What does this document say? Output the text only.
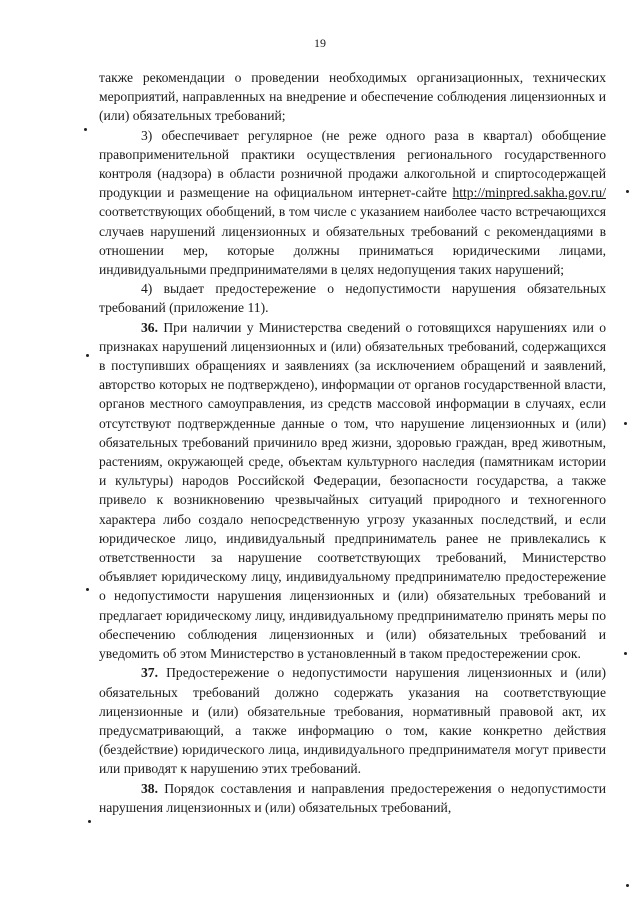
19

также рекомендации о проведении необходимых организационных, технических мероприятий, направленных на внедрение и обеспечение соблюдения лицензионных и (или) обязательных требований;

3) обеспечивает регулярное (не реже одного раза в квартал) обобщение правоприменительной практики осуществления регионального государственного контроля (надзора) в области розничной продажи алкогольной и спиртосодержащей продукции и размещение на официальном интернет-сайте http://minpred.sakha.gov.ru/ соответствующих обобщений, в том числе с указанием наиболее часто встречающихся случаев нарушений лицензионных и обязательных требований с рекомендациями в отношении мер, которые должны приниматься юридическими лицами, индивидуальными предпринимателями в целях недопущения таких нарушений;

4) выдает предостережение о недопустимости нарушения обязательных требований (приложение 11).

36. При наличии у Министерства сведений о готовящихся нарушениях или о признаках нарушений лицензионных и (или) обязательных требований, содержащихся в поступивших обращениях и заявлениях (за исключением обращений и заявлений, авторство которых не подтверждено), информации от органов государственной власти, органов местного самоуправления, из средств массовой информации в случаях, если отсутствуют подтвержденные данные о том, что нарушение лицензионных и (или) обязательных требований причинило вред жизни, здоровью граждан, вред животным, растениям, окружающей среде, объектам культурного наследия (памятникам истории и культуры) народов Российской Федерации, безопасности государства, а также привело к возникновению чрезвычайных ситуаций природного и техногенного характера либо создало непосредственную угрозу указанных последствий, и если юридическое лицо, индивидуальный предприниматель ранее не привлекались к ответственности за нарушение соответствующих требований, Министерство объявляет юридическому лицу, индивидуальному предпринимателю предостережение о недопустимости нарушения лицензионных и (или) обязательных требований и предлагает юридическому лицу, индивидуальному предпринимателю принять меры по обеспечению соблюдения лицензионных и (или) обязательных требований и уведомить об этом Министерство в установленный в таком предостережении срок.

37. Предостережение о недопустимости нарушения лицензионных и (или) обязательных требований должно содержать указания на соответствующие лицензионные и (или) обязательные требования, нормативный правовой акт, их предусматривающий, а также информацию о том, какие конкретно действия (бездействие) юридического лица, индивидуального предпринимателя могут привести или приводят к нарушению этих требований.

38. Порядок составления и направления предостережения о недопустимости нарушения лицензионных и (или) обязательных требований,
